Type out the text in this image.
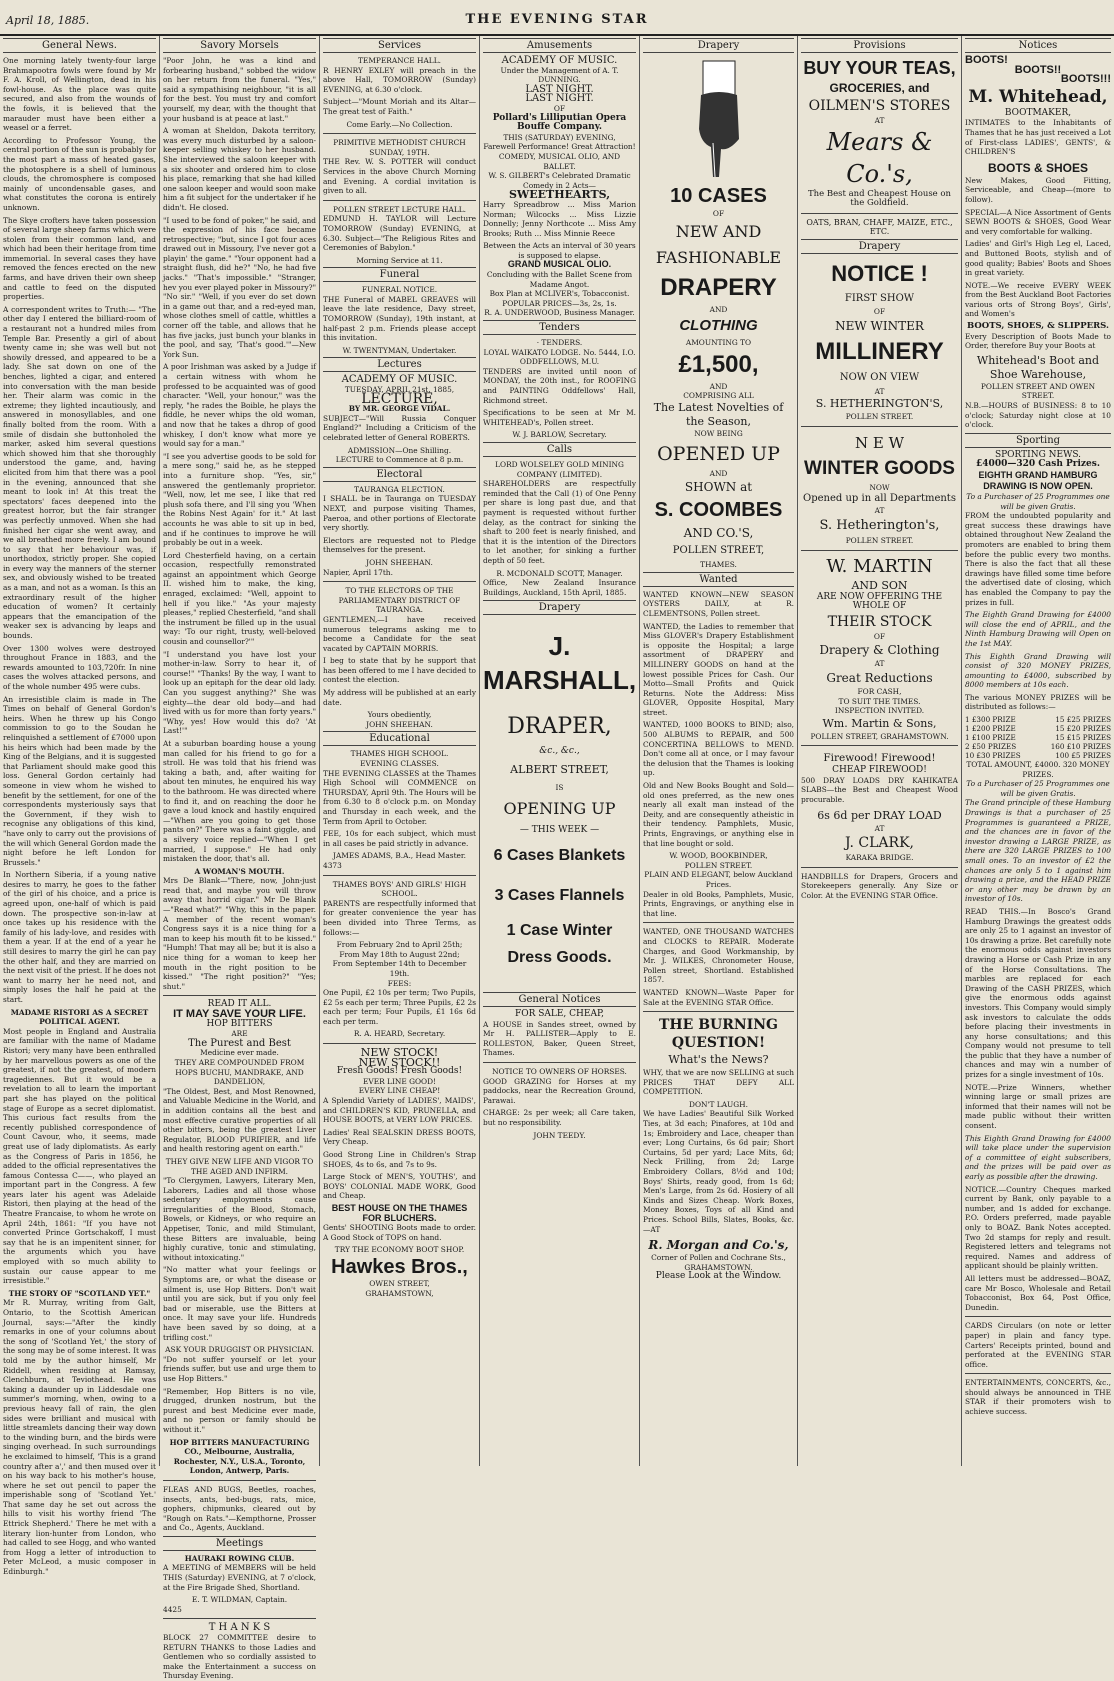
April 18, 1885.	THE EVENING STAR
General News.

One morning lately twenty-four large Brahmapootra fowls were found by Mr F. A. Kroll, of Wellington, dead in his fowl-house. As the place was quite secured, and also from the wounds of the fowls, it is believed that the marauder must have been either a weasel or a ferret.

According to Professor Young, the central portion of the sun is probably for the most part a mass of heated gases, the photosphere is a shell of luminous clouds, the chromosphere is composed mainly of uncondensable gases, and what constitutes the corona is entirely unknown.

The Skye crofters have taken possession of several large sheep farms which were stolen from their common land, and which had been their heritage from time immemorial. In several cases they have removed the fences erected on the new farms, and have driven their own sheep and cattle to feed on the disputed properties.

A correspondent writes to Truth:— "The other day I entered the billiard-room of a restaurant not a hundred miles from Temple Bar. Presently a girl of about twenty came in; she was well but not showily dressed, and appeared to be a lady. She sat down on one of the benches, lighted a cigar, and entered into conversation with the man beside her. Their alarm was comic in the extreme; they lighted incautiously, and answered in monosyllables, and one finally bolted from the room. With a smile of disdain she buttonholed the marker, asked him several questions which showed him that she thoroughly understood the game, and, having elicited from him that there was a pool in the evening, announced that she meant to look in! At this treat the spectators' faces deepened into the greatest horror, but the fair stranger was perfectly unmoved. When she had finished her cigar she went away, and we all breathed more freely. I am bound to say that her behaviour was, if unorthodox, strictly proper. She copied in every way the manners of the sterner sex, and obviously wished to be treated as a man, and not as a woman. Is this an extraordinary result of the higher education of women? It certainly appears that the emancipation of the weaker sex is advancing by leaps and bounds.

Over 1300 wolves were destroyed throughout France in 1883, and the rewards amounted to 103,720fr. In nine cases the wolves attacked persons, and of the whole number 495 were cubs.

An irresistible claim is made in The Times on behalf of General Gordon's heirs. When he threw up his Congo commission to go to the Soudan he relinquished a settlement of £7000 upon his heirs which had been made by the King of the Belgians, and it is suggested that Parliament should make good this loss. General Gordon certainly had someone in view whom he wished to benefit by the settlement, for one of the correspondents mysteriously says that the Government, if they wish to recognise any obligations of this kind, "have only to carry out the provisions of the will which General Gordon made the night before he left London for Brussels."

In Northern Siberia, if a young native desires to marry, he goes to the father of the girl of his choice, and a price is agreed upon, one-half of which is paid down. The prospective son-in-law at once takes up his residence with the family of his lady-love, and resides with them a year. If at the end of a year he still desires to marry the girl he can pay the other half, and they are married on the next visit of the priest. If he does not want to marry her he need not, and simply loses the half he paid at the start.

MADAME RISTORI AS A SECRET POLITICAL AGENT.

Most people in England and Australia are familiar with the name of Madame Ristori; very many have been enthralled by her marvellous powers as one of the greatest, if not the greatest, of modern tragediennes. But it would be a revelation to all to learn the important part she has played on the political stage of Europe as a secret diplomatist. This curious fact results from the recently published correspondence of Count Cavour, who, it seems, made great use of lady diplomatists. As early as the Congress of Paris in 1856, he added to the official representatives the famous Contessa C——, who played an important part in the Congress. A few years later his agent was Adelaide Ristori, then playing at the head of the Theatre Francaise, to whom he wrote on April 24th, 1861: "If you have not converted Prince Gortschakoff, I must say that he is an impenitent sinner, for the arguments which you have employed with so much ability to sustain our cause appear to me irresistible."

THE STORY OF "SCOTLAND YET."

Mr R. Murray, writing from Galt, Ontario, to the Scottish American Journal, says:—"After the kindly remarks in one of your columns about the song of 'Scotland Yet,' the story of the song may be of some interest. It was told me by the author himself, Mr Riddell, when residing at Ramsay, Clenchburn, at Teviothead. He was taking a daunder up in Liddesdale one summer's morning, when, owing to a previous heavy fall of rain, the glen sides were brilliant and musical with little streamlets dancing their way down to the winding burn, and the birds were singing overhead. In such surroundings he exclaimed to himself, 'This is a grand country after a',' and then mused over it on his way back to his mother's house, where he set out pencil to paper the imperishable song of 'Scotland Yet.' That same day he set out across the hills to visit his worthy friend 'The Ettrick Shepherd.' There he met with a literary lion-hunter from London, who had called to see Hogg, and who wanted from Hogg a letter of introduction to Peter McLeod, a music composer in Edinburgh."

Savory Morsels

"Poor John, he was a kind and forbearing husband," sobbed the widow on her return from the funeral. "Yes," said a sympathising neighbour, "it is all for the best. You must try and comfort yourself, my dear, with the thought that your husband is at peace at last."

A woman at Sheldon, Dakota territory, was every much disturbed by a saloon-keeper selling whiskey to her husband. She interviewed the saloon keeper with a six shooter and ordered him to close his place, remarking that she had killed one saloon keeper and would soon make him a fit subject for the undertaker if he didn't. He closed.

"I used to be fond of poker," he said, and the expression of his face became retrospective; "but, since I got four aces drawed out in Missoury, I've never got a playin' the game." "Your opponent had a straight flush, did he?" "No, he had five jacks." "That's impossible." "Stranger, hev you ever played poker in Missoury?" "No sir." "Well, if you ever do set down in a game out thar, and a red-eyed man, whose clothes smell of cattle, whittles a corner off the table, and allows that he has five jacks, just bunch your blanks in the pool, and say, 'That's good.'"—New York Sun.

A poor Irishman was asked by a Judge if a certain witness with whom he professed to be acquainted was of good character. "Well, your honour," was the reply, "he rades the Boible, he plays the fiddle, he never whips the old woman, and now that he takes a dhrop of good whiskey, I don't know what more ye would say for a man."

"I see you advertise goods to be sold for a mere song," said he, as he stepped into a furniture shop. "Yes, sir," answered the gentlemanly proprietor. "Well, now, let me see, I like that red plush sofa there, and I'll sing you 'When the Robins Nest Again' for it." At last accounts he was able to sit up in bed, and if he continues to improve he will probably be out in a week.

Lord Chesterfield having, on a certain occasion, respectfully remonstrated against an appointment which George II. wished him to make, the king, enraged, exclaimed: "Well, appoint to hell if you like." "As your majesty pleases," replied Chesterfield, "and shall the instrument be filled up in the usual way: 'To our right, trusty, well-beloved cousin and counsellor?'"

"I understand you have lost your mother-in-law. Sorry to hear it, of course!" "Thanks! By the way, I want to look up an epitaph for the dear old lady. Can you suggest anything?" She was eighty—the dear old body—and had lived with us for more than forty years." "Why, yes! How would this do? 'At Last!'"

At a suburban boarding house a young man called for his friend to go for a stroll. He was told that his friend was taking a bath, and, after waiting for about ten minutes, he enquired his way to the bathroom. He was directed where to find it, and on reaching the door he gave a loud knock and hastily enquired—"When are you going to get those pants on?" There was a faint giggle, and a silvery voice replied—"When I get married, I suppose." He had only mistaken the door, that's all.

A WOMAN'S MOUTH.

Mrs De Blank—"There, now, John-just read that, and maybe you will throw away that horrid cigar." Mr De Blank—"Read what?" "Why, this in the paper. A member of the recent woman's Congress says it is a nice thing for a man to keep his mouth fit to be kissed." "Humph! That may all be; but it is also a nice thing for a woman to keep her mouth in the right position to be kissed." "The right position?" "Yes; shut."

READ IT ALL.

IT MAY SAVE YOUR LIFE.

HOP BITTERS

ARE

The Purest and Best

Medicine ever made.

THEY ARE COMPOUNDED FROM

HOPS BUCHU, MANDRAKE, AND DANDELION,

"The Oldest, Best, and Most Renowned, and Valuable Medicine in the World, and in addition contains all the best and most effective curative properties of all other bitters, being the greatest Liver Regulator, BLOOD PURIFIER, and life and health restoring agent on earth."

THEY GIVE NEW LIFE AND VIGOR TO THE AGED AND INFIRM.

"To Clergymen, Lawyers, Literary Men, Laborers, Ladies and all those whose sedentary employments cause irregularities of the Blood, Stomach, Bowels, or Kidneys, or who require an Appetiser, Tonic, and mild Stimulant, these Bitters are invaluable, being highly curative, tonic and stimulating, without intoxicating."

"No matter what your feelings or Symptoms are, or what the disease or ailment is, use Hop Bitters. Don't wait until you are sick, but if you only feel bad or miserable, use the Bitters at once. It may save your life. Hundreds have been saved by so doing, at a trifling cost."

ASK YOUR DRUGGIST OR PHYSICIAN.

"Do not suffer yourself or let your friends suffer, but use and urge them to use Hop Bitters."

"Remember, Hop Bitters is no vile, drugged, drunken nostrum, but the purest and best Medicine ever made, and no person or family should be without it."

HOP BITTERS MANUFACTURING CO., Melbourne, Australia, Rochester, N.Y., U.S.A., Toronto, London, Antwerp, Paris.

FLEAS AND BUGS, Beetles, roaches, insects, ants, bed-bugs, rats, mice, gophers, chipmunks, cleared out by "Rough on Rats."—Kempthorne, Prosser and Co., Agents, Auckland.

Meetings

HAURAKI ROWING CLUB.

A MEETING of MEMBERS will be held THIS (Saturday) EVENING, at 7 o'clock, at the Fire Brigade Shed, Shortland.

E. T. WILDMAN, Captain.

4425

T H A N K S

BLOCK 27 COMMITTEE desire to RETURN THANKS to those Ladies and Gentlemen who so cordially assisted to make the Entertainment a success on Thursday Evening.

Services

TEMPERANCE HALL.

R HENRY EXLEY will preach in the above Hall, TOMORROW (Sunday) EVENING, at 6.30 o'clock.

Subject—"Mount Moriah and its Altar—The great test of Faith."

Come Early.—No Collection.

PRIMITIVE METHODIST CHURCH SUNDAY, 19TH.

THE Rev. W. S. POTTER will conduct Services in the above Church Morning and Evening. A cordial invitation is given to all.

POLLEN STREET LECTURE HALL.

EDMUND H. TAYLOR will Lecture TOMORROW (Sunday) EVENING, at 6.30. Subject—"The Religious Rites and Ceremonies of Babylon."

Morning Service at 11.

Funeral

FUNERAL NOTICE.

THE Funeral of MABEL GREAVES will leave the late residence, Davy street, TOMORROW (Sunday), 19th instant, at half-past 2 p.m. Friends please accept this invitation.

W. TWENTYMAN, Undertaker.

Lectures

ACADEMY OF MUSIC.

TUESDAY, APRIL 21st, 1885,

LECTURE,

BY MR. GEORGE VIDAL.

SUBJECT—"Will Russia Conquer England?" Including a Criticism of the celebrated letter of General ROBERTS.

ADMISSION—One Shilling.

LECTURE to Commence at 8 p.m.

Electoral

TAURANGA ELECTION.

I SHALL be in Tauranga on TUESDAY NEXT, and purpose visiting Thames, Paeroa, and other portions of Electorate very shortly.

Electors are requested not to Pledge themselves for the present.

JOHN SHEEHAN.

Napier, April 17th.

TO THE ELECTORS OF THE PARLIAMENTARY DISTRICT OF TAURANGA.

GENTLEMEN,—I have received numerous telegrams asking me to become a Candidate for the seat vacated by CAPTAIN MORRIS.

I beg to state that by he support that has been offered to me I have decided to contest the election.

My address will be published at an early date.

Yours obediently,

JOHN SHEEHAN.

Educational

THAMES HIGH SCHOOL.

EVENING CLASSES.

THE EVENING CLASSES at the Thames High School will COMMENCE on THURSDAY, April 9th. The Hours will be from 6.30 to 8 o'clock p.m. on Monday and Thursday in each week, and the Term from April to October.

FEE, 10s for each subject, which must in all cases be paid strictly in advance.

JAMES ADAMS, B.A., Head Master.

4373

THAMES BOYS' AND GIRLS' HIGH SCHOOL.

PARENTS are respectfully informed that for greater convenience the year has been divided into Three Terms, as follows:—

From February 2nd to April 25th;

From May 18th to August 22nd;

From September 14th to December 19th.

FEES:

One Pupil, £2 10s per term; Two Pupils, £2 5s each per term; Three Pupils, £2 2s each per term; Four Pupils, £1 16s 6d each per term.

R. A. HEARD, Secretary.

NEW STOCK!

NEW STOCK!!

Fresh Goods! Fresh Goods!

EVER LINE GOOD!

EVERY LINE CHEAP!

A Splendid Variety of LADIES', MAIDS', and CHILDREN'S KID, PRUNELLA, and HOUSE BOOTS, at VERY LOW PRICES.

Ladies' Real SEALSKIN DRESS BOOTS, Very Cheap.

Good Strong Line in Children's Strap SHOES, 4s to 6s, and 7s to 9s.

Large Stock of MEN'S, YOUTHS', and BOYS' COLONIAL MADE WORK, Good and Cheap.

BEST HOUSE ON THE THAMES FOR BLUCHERS.

Gents' SHOOTING Boots made to order. A Good Stock of TOPS on hand.

TRY THE ECONOMY BOOT SHOP.

Hawkes Bros.,

OWEN STREET,

GRAHAMSTOWN,

Amusements

ACADEMY OF MUSIC.

Under the Management of A. T. DUNNING.

LAST NIGHT.

LAST NIGHT.

OF

Pollard's Lilliputian Opera Bouffe Company.

THIS (SATURDAY) EVENING,

Farewell Performance! Great Attraction!

COMEDY, MUSICAL OLIO, AND BALLET.

W. S. GILBERT's Celebrated Dramatic Comedy in 2 Acts—

SWEETHEARTS,

Harry Spreadbrow ... Miss Marion Norman; Wilcocks ... Miss Lizzie Donnelly; Jenny Northcote ... Miss Amy Brooks; Ruth ... Miss Minnie Reece

Between the Acts an interval of 30 years is supposed to elapse.

GRAND MUSICAL OLIO.

Concluding with the Ballet Scene from Madame Angot.

Box Plan at MCLIVER's, Tobacconist. POPULAR PRICES—3s, 2s, 1s.

R. A. UNDERWOOD, Business Manager.

Tenders

· TENDERS.

LOYAL WAIKATO LODGE. No. 5444, I.O. ODDFELLOWS, M.U.

TENDERS are invited until noon of MONDAY, the 20th inst., for ROOFING and PAINTING Oddfellows' Hall, Richmond street.

Specifications to be seen at Mr M. WHITEHEAD's, Pollen street.

W. J. BARLOW, Secretary.

Calls

LORD WOLSELEY GOLD MINING COMPANY (LIMITED).

SHAREHOLDERS are respectfully reminded that the Call (1) of One Penny per share is long past due, and that payment is requested without further delay, as the contract for sinking the shaft to 200 feet is nearly finished, and that it is the intention of the Directors to let another, for sinking a further depth of 50 feet.

R. MCDONALD SCOTT, Manager.

Office, New Zealand Insurance Buildings, Auckland, 15th April, 1885.

Drapery

J. MARSHALL,

DRAPER,

&c., &c.,

ALBERT STREET,

IS

OPENING UP

— THIS WEEK —

6 Cases Blankets

3 Cases Flannels

1 Case Winter

Dress Goods.

General Notices

FOR SALE, CHEAP,

A HOUSE in Sandes street, owned by Mr H. PALLISTER—Apply to E. ROLLESTON, Baker, Queen Street, Thames.

NOTICE TO OWNERS OF HORSES.

GOOD GRAZING for Horses at my paddocks, near the Recreation Ground, Parawai.

CHARGE: 2s per week; all Care taken, but no responsibility.

JOHN TEEDY.

Drapery

10 CASES

OF

NEW AND

FASHIONABLE

DRAPERY

AND

CLOTHING

AMOUNTING TO

£1,500,

AND

COMPRISING ALL

The Latest Novelties of the Season,

NOW BEING

OPENED UP

AND

SHOWN at

S. COOMBES

AND CO.'S,

POLLEN STREET,

THAMES.

Wanted

WANTED KNOWN—NEW SEASON OYSTERS DAILY, at R. CLEMENTSONS, Pollen street.

WANTED, the Ladies to remember that Miss GLOVER's Drapery Establishment is opposite the Hospital; a large assortment of DRAPERY and MILLINERY GOODS on hand at the lowest possible Prices for Cash. Our Motto—Small Profits and Quick Returns. Note the Address: Miss GLOVER, Opposite Hospital, Mary street.

WANTED, 1000 BOOKS to BIND; also, 500 ALBUMS to REPAIR, and 500 CONCERTINA BELLOWS to MEND. Don't come all at once, or I may favour the delusion that the Thames is looking up.

Old and New Books Bought and Sold—old ones preferred, as the new ones nearly all exalt man instead of the Deity, and are consequently atheistic in their tendency. Pamphlets, Music, Prints, Engravings, or anything else in that line bought or sold.

W. WOOD, BOOKBINDER,

POLLEN STREET.

PLAIN AND ELEGANT, below Auckland Prices.

Dealer in old Books, Pamphlets, Music, Prints, Engravings, or anything else in that line.

WANTED, ONE THOUSAND WATCHES and CLOCKS to REPAIR. Moderate Charges, and Good Workmanship, by Mr. J. WILKES, Chronometer House, Pollen street, Shortland. Established 1857.

WANTED KNOWN—Waste Paper for Sale at the EVENING STAR Office.

THE BURNING

QUESTION!

What's the News?

WHY, that we are now SELLING at such PRICES THAT DEFY ALL COMPETITION.

DON'T LAUGH.

We have Ladies' Beautiful Silk Worked Ties, at 3d each; Pinafores, at 10d and 1s; Embroidery and Lace, cheaper than ever; Long Curtains, 6s 6d pair; Short Curtains, 5d per yard; Lace Mits, 6d; Neck Frilling, from 2d; Large Embroidery Collars, 8½d and 10d; Boys' Shirts, ready good, from 1s 6d; Men's Large, from 2s 6d. Hosiery of all Kinds and Sizes Cheap. Work Boxes, Money Boxes, Toys of all Kind and Prices. School Bills, Slates, Books, &c.—AT

R. Morgan and Co.'s,

Corner of Pollen and Cochrane Sts., GRAHAMSTOWN.

Please Look at the Window.

Provisions

BUY YOUR TEAS,

GROCERIES, and

OILMEN'S STORES

AT

Mears & Co.'s,

The Best and Cheapest House on the Goldfield.

OATS, BRAN, CHAFF, MAIZE, ETC., ETC.

Drapery

NOTICE !

FIRST SHOW

OF

NEW WINTER

MILLINERY

NOW ON VIEW

AT

S. HETHERINGTON'S,

POLLEN STREET.

N E W

WINTER GOODS

NOW

Opened up in all Departments

AT

S. Hetherington's,

POLLEN STREET.

W. MARTIN

AND SON

ARE NOW OFFERING THE WHOLE OF

THEIR STOCK

OF

Drapery & Clothing

AT

Great Reductions

FOR CASH,

TO SUIT THE TIMES.

INSPECTION INVITED.

Wm. Martin & Sons,

POLLEN STREET, GRAHAMSTOWN.

Firewood! Firewood!

CHEAP FIREWOOD!

500 DRAY LOADS DRY KAHIKATEA SLABS—the Best and Cheapest Wood procurable.

6s 6d per DRAY LOAD

AT

J. CLARK,

KARAKA BRIDGE.

HANDBILLS for Drapers, Grocers and Storekeepers generally. Any Size or Color. At the EVENING STAR Office.

Notices

BOOTS!

BOOTS!!

BOOTS!!!

M. Whitehead,

BOOTMAKER,

INTIMATES to the Inhabitants of Thames that he has just received a Lot of First-class LADIES', GENTS', & CHILDREN'S

BOOTS & SHOES

New Makes, Good Fitting, Serviceable, and Cheap—(more to follow).

SPECIAL—A Nice Assortment of Gents SEWN BOOTS & SHOES, Good Wear and very comfortable for walking.

Ladies' and Girl's High Leg el, Laced, and Buttoned Boots, stylish and of good quality; Babies' Boots and Shoes in great variety.

NOTE.—We receive EVERY WEEK from the Best Auckland Boot Factories various orts of Strong Boys', Girls', and Women's

BOOTS, SHOES, & SLIPPERS.

Every Description of Boots Made to Order, therefore Buy your Boots at

Whitehead's Boot and Shoe Warehouse,

POLLEN STREET AND OWEN STREET.

N.B.—HOURS of BUSINESS: 8 to 10 o'clock; Saturday night close at 10 o'clock.

Sporting

SPORTING NEWS.

£4000—320 Cash Prizes.

EIGHTH GRAND HAMBURG DRAWING IS NOW OPEN.

To a Purchaser of 25 Programmes one will be given Gratis.

FROM the undoubted popularity and great success these drawings have obtained throughout New Zealand the promoters are enabled to bring them before the public every two months. There is also the fact that all these drawings have filled some time before the advertised date of closing, which has enabled the Company to pay the prizes in full.

The Eighth Grand Drawing for £4000 will close the end of APRIL, and the Ninth Hamburg Drawing will Open on the 1st MAY.

This Eighth Grand Drawing will consist of 320 MONEY PRIZES, amounting to £4000, subscribed by 8000 members at 10s each.

The various MONEY PRIZES will be distributed as follows:—

1 £300 PRIZE	15 £25 PRIZES
1 £200 PRIZE	15 £20 PRIZES
1 £100 PRIZE	15 £15 PRIZES
2 £50 PRIZES	160 £10 PRIZES
10 £30 PRIZES	100 £5 PRIZES

TOTAL AMOUNT, £4000. 320 MONEY PRIZES.

To a Purchaser of 25 Programmes one will be given Gratis.

The Grand principle of these Hamburg Drawings is that a purchaser of 25 Programmes is guaranteed a PRIZE, and the chances are in favor of the investor drawing a LARGE PRIZE, as there are 320 LARGE PRIZES to 100 small ones. To an investor of £2 the chances are only 5 to 1 against him drawing a prize, and the HEAD PRIZE or any other may be drawn by an investor of 10s.

READ THIS.—In Bosco's Grand Hamburg Drawings the greatest odds are only 25 to 1 against an investor of 10s drawing a prize. Bet carefully note the enormous odds against investors drawing a Horse or Cash Prize in any of the Horse Consultations. The marbles are replaced for each Drawing of the CASH PRIZES, which give the enormous odds against investors. This Company would simply ask investors to calculate the odds before placing their investments in any horse consultations; and this Company would not presume to tell the public that they have a number of chances and may win a number of prizes for a single investment of 10s.

NOTE.—Prize Winners, whether winning large or small prizes are informed that their names will not be made public without their written consent.

This Eighth Grand Drawing for £4000 will take place under the supervision of a committee of eight subscribers, and the prizes will be paid over as early as possible after the drawing.

NOTICE.—Country Cheques marked current by Bank, only payable to a number, and 1s added for exchange. P.O. Orders preferred, made payable only to BOAZ. Bank Notes accepted. Two 2d stamps for reply and result. Registered letters and telegrams not required. Names and address of applicant should be plainly written.

All letters must be addressed—BOAZ, care Mr Bosco, Wholesale and Retail Tobacconist, Box 64, Post Office, Dunedin.

CARDS Circulars (on note or letter paper) in plain and fancy type. Carters' Receipts printed, bound and perforated at the EVENING STAR office.

ENTERTAINMENTS, CONCERTS, &c., should always be announced in THE STAR if their promoters wish to achieve success.
